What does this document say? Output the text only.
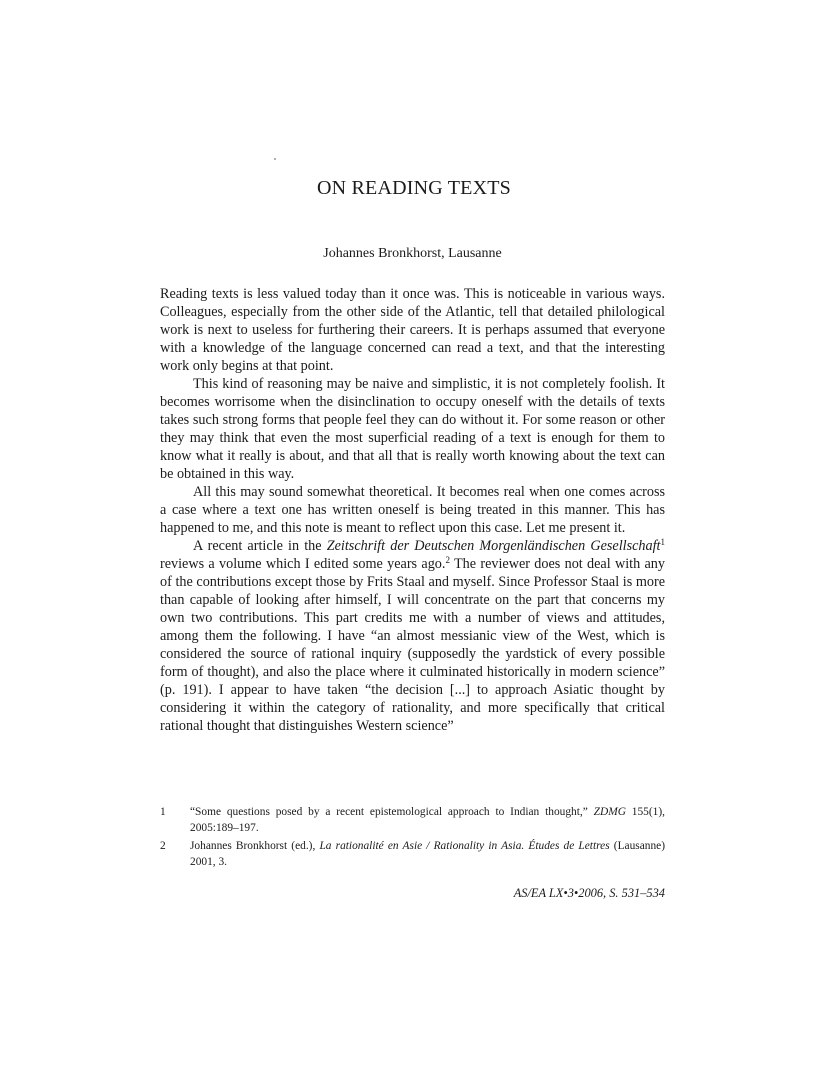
ON READING TEXTS

Johannes Bronkhorst, Lausanne

Reading texts is less valued today than it once was. This is noticeable in various ways. Colleagues, especially from the other side of the Atlantic, tell that detailed philological work is next to useless for furthering their careers. It is perhaps assumed that everyone with a knowledge of the language concerned can read a text, and that the interesting work only begins at that point.

This kind of reasoning may be naive and simplistic, it is not completely foolish. It becomes worrisome when the disinclination to occupy oneself with the details of texts takes such strong forms that people feel they can do without it. For some reason or other they may think that even the most superficial reading of a text is enough for them to know what it really is about, and that all that is really worth knowing about the text can be obtained in this way.

All this may sound somewhat theoretical. It becomes real when one comes across a case where a text one has written oneself is being treated in this manner. This has happened to me, and this note is meant to reflect upon this case. Let me present it.

A recent article in the Zeitschrift der Deutschen Morgenländischen Gesellschaft$^1$ reviews a volume which I edited some years ago.$^2$ The reviewer does not deal with any of the contributions except those by Frits Staal and myself. Since Professor Staal is more than capable of looking after himself, I will concentrate on the part that concerns my own two contributions. This part credits me with a number of views and attitudes, among them the following. I have “an almost messianic view of the West, which is considered the source of rational inquiry (supposedly the yardstick of every possible form of thought), and also the place where it culminated historically in modern science” (p. 191). I appear to have taken “the decision [...] to approach Asiatic thought by considering it within the category of rationality, and more specifically that critical rational thought that distinguishes Western science”

1	“Some questions posed by a recent epistemological approach to Indian thought,” ZDMG 155(1), 2005:189–197.
2	Johannes Bronkhorst (ed.), La rationalité en Asie / Rationality in Asia. Études de Lettres (Lausanne) 2001, 3.
AS/EA LX•3•2006, S. 531–534
